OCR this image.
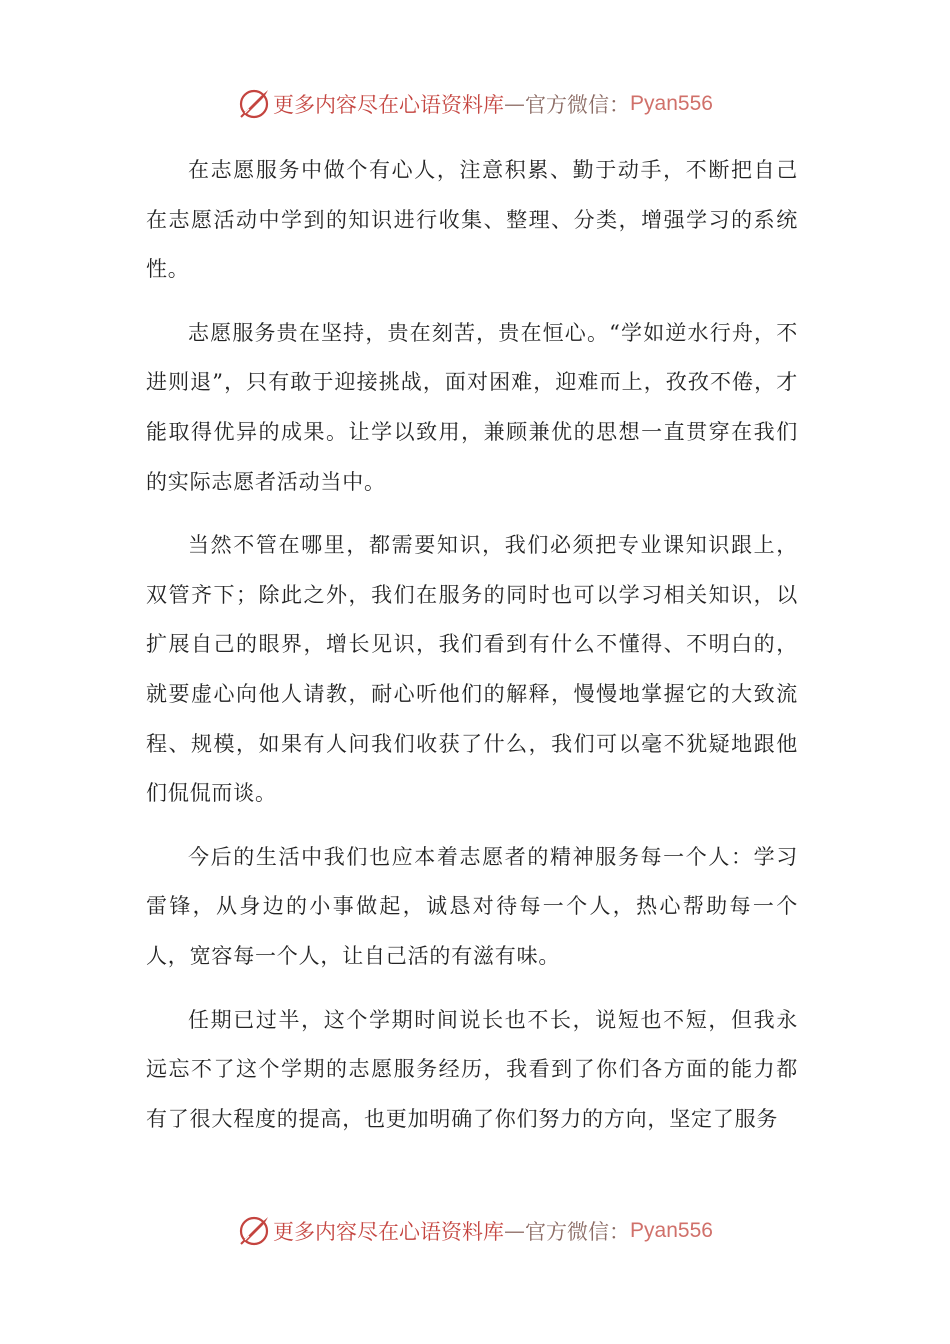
更多内容尽在心语资料库 — 官方微信： Pyan556

在志愿服务中做个有心人，注意积累、勤于动手，不断把自己在志愿活动中学到的知识进行收集、整理、分类，增强学习的系统性。

志愿服务贵在坚持，贵在刻苦，贵在恒心。“学如逆水行舟，不进则退”，只有敢于迎接挑战，面对困难，迎难而上，孜孜不倦，才能取得优异的成果。让学以致用，兼顾兼优的思想一直贯穿在我们的实际志愿者活动当中。

当然不管在哪里，都需要知识，我们必须把专业课知识跟上，双管齐下；除此之外，我们在服务的同时也可以学习相关知识，以扩展自己的眼界，增长见识，我们看到有什么不懂得、不明白的，就要虚心向他人请教，耐心听他们的解释，慢慢地掌握它的大致流程、规模，如果有人问我们收获了什么，我们可以毫不犹疑地跟他们侃侃而谈。

今后的生活中我们也应本着志愿者的精神服务每一个人：学习雷锋，从身边的小事做起，诚恳对待每一个人，热心帮助每一个人，宽容每一个人，让自己活的有滋有味。

任期已过半，这个学期时间说长也不长，说短也不短，但我永远忘不了这个学期的志愿服务经历，我看到了你们各方面的能力都有了很大程度的提高，也更加明确了你们努力的方向，坚定了服务

更多内容尽在心语资料库 — 官方微信： Pyan556
